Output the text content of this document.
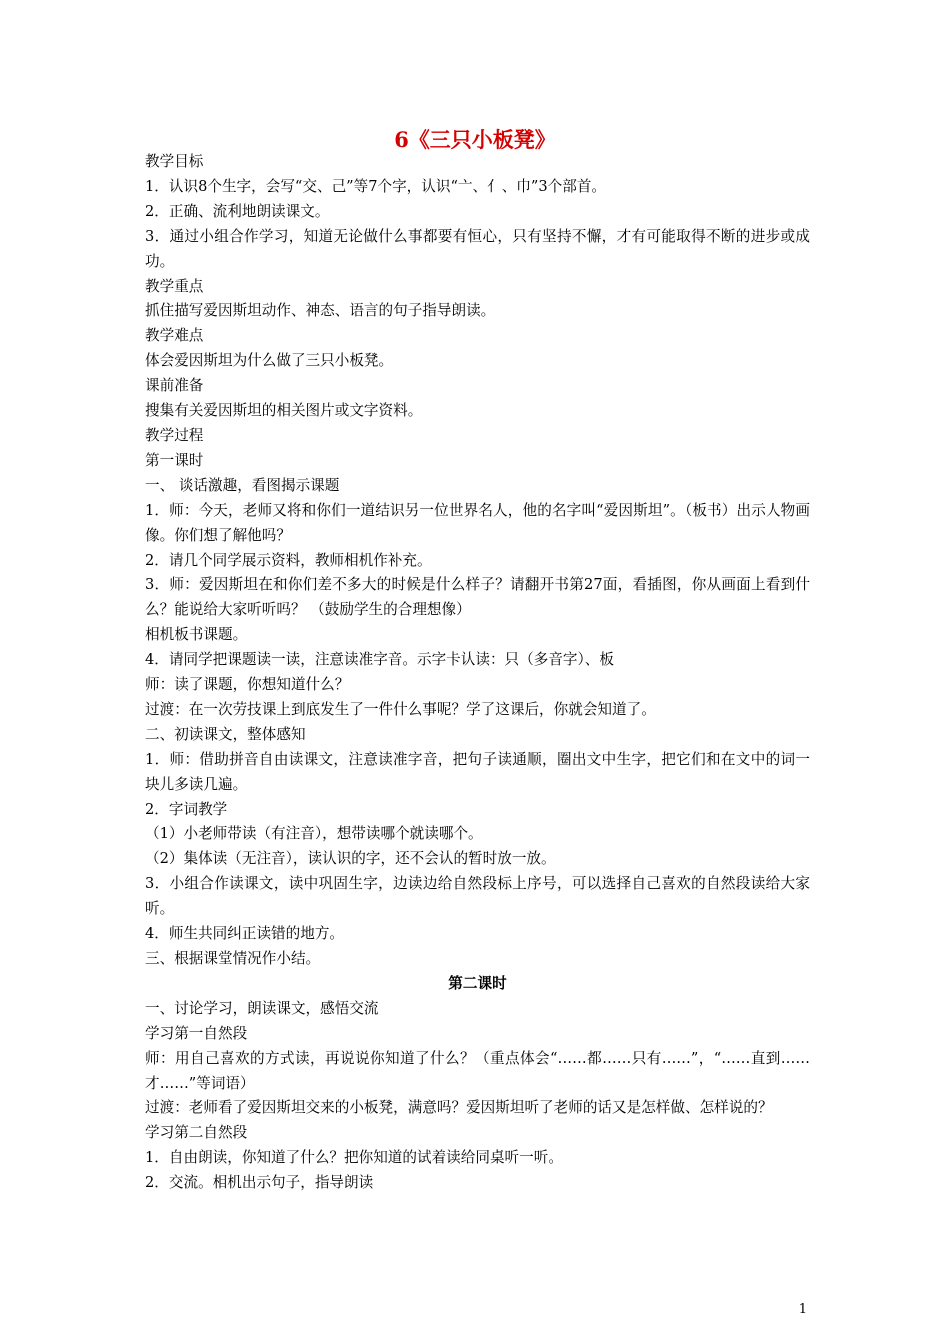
6《三只小板凳》

教学目标

1．认识8个生字，会写“交、己”等7个字，认识“亠、亻、巾”3个部首。

2．正确、流利地朗读课文。

3．通过小组合作学习，知道无论做什么事都要有恒心，只有坚持不懈，才有可能取得不断的进步或成功。

教学重点

抓住描写爱因斯坦动作、神态、语言的句子指导朗读。

教学难点

体会爱因斯坦为什么做了三只小板凳。

课前准备

搜集有关爱因斯坦的相关图片或文字资料。

教学过程

第一课时

一、 谈话激趣，看图揭示课题

1．师：今天，老师又将和你们一道结识另一位世界名人，他的名字叫“爱因斯坦”。（板书）出示人物画像。你们想了解他吗？

2．请几个同学展示资料，教师相机作补充。

3．师：爱因斯坦在和你们差不多大的时候是什么样子？请翻开书第27面，看插图，你从画面上看到什么？能说给大家听听吗？ （鼓励学生的合理想像）

相机板书课题。

4．请同学把课题读一读，注意读准字音。示字卡认读：只（多音字）、板

师：读了课题，你想知道什么？

过渡：在一次劳技课上到底发生了一件什么事呢？学了这课后，你就会知道了。

二、初读课文，整体感知

1．师：借助拼音自由读课文，注意读准字音，把句子读通顺，圈出文中生字，把它们和在文中的词一块儿多读几遍。

2．字词教学

（1）小老师带读（有注音），想带读哪个就读哪个。

（2）集体读（无注音），读认识的字，还不会认的暂时放一放。

3．小组合作读课文，读中巩固生字，边读边给自然段标上序号，可以选择自己喜欢的自然段读给大家听。

4．师生共同纠正读错的地方。

三、根据课堂情况作小结。

第二课时

一、讨论学习，朗读课文，感悟交流

学习第一自然段

师：用自己喜欢的方式读，再说说你知道了什么？（重点体会“……都……只有……”，“……直到……才……”等词语）

过渡：老师看了爱因斯坦交来的小板凳，满意吗？爱因斯坦听了老师的话又是怎样做、怎样说的？

学习第二自然段

1．自由朗读，你知道了什么？把你知道的试着读给同桌听一听。

2．交流。相机出示句子，指导朗读

1
